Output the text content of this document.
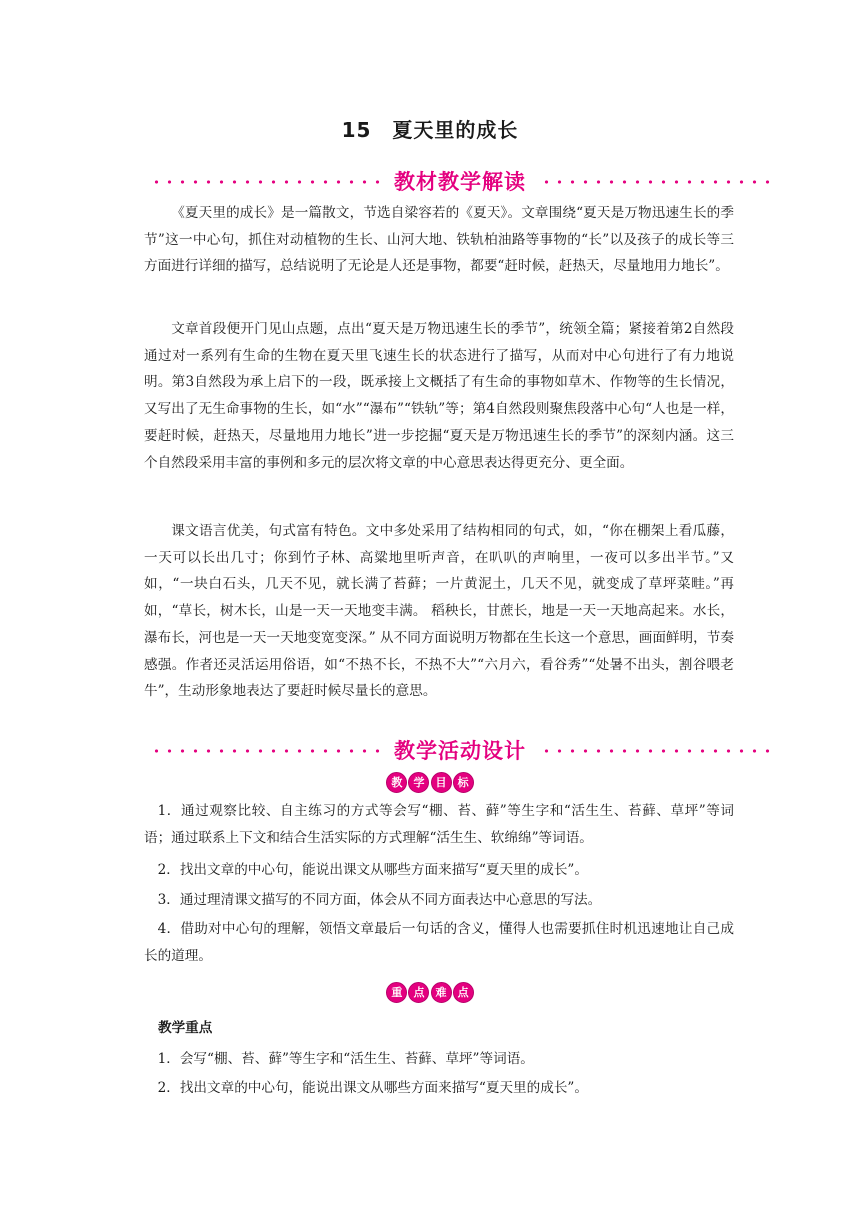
15　夏天里的成长
教材教学解读

《夏天里的成长》是一篇散文，节选自梁容若的《夏天》。文章围绕“夏天是万物迅速生长的季节”这一中心句，抓住对动植物的生长、山河大地、铁轨柏油路等事物的“长”以及孩子的成长等三方面进行详细的描写，总结说明了无论是人还是事物，都要“赶时候，赶热天，尽量地用力地长”。

文章首段便开门见山点题，点出“夏天是万物迅速生长的季节”，统领全篇；紧接着第2自然段通过对一系列有生命的生物在夏天里飞速生长的状态进行了描写，从而对中心句进行了有力地说明。第3自然段为承上启下的一段，既承接上文概括了有生命的事物如草木、作物等的生长情况，又写出了无生命事物的生长，如“水”“瀑布”“铁轨”等；第4自然段则聚焦段落中心句“人也是一样，要赶时候，赶热天，尽量地用力地长”进一步挖掘“夏天是万物迅速生长的季节”的深刻内涵。这三个自然段采用丰富的事例和多元的层次将文章的中心意思表达得更充分、更全面。

课文语言优美，句式富有特色。文中多处采用了结构相同的句式，如，“你在棚架上看瓜藤，一天可以长出几寸；你到竹子林、高粱地里听声音，在叭叭的声响里，一夜可以多出半节。”又如，“一块白石头，几天不见，就长满了苔藓；一片黄泥土，几天不见，就变成了草坪菜畦。”再如，“草长，树木长，山是一天一天地变丰满。 稻秧长，甘蔗长，地是一天一天地高起来。水长，瀑布长，河也是一天一天地变宽变深。” 从不同方面说明万物都在生长这一个意思，画面鲜明，节奏感强。作者还灵活运用俗语，如“不热不长，不热不大”“六月六，看谷秀”“处暑不出头，割谷喂老牛”，生动形象地表达了要赶时候尽量长的意思。

教学活动设计
教 学 目 标

1．通过观察比较、自主练习的方式等会写“棚、苔、藓”等生字和“活生生、苔藓、草坪”等词语；通过联系上下文和结合生活实际的方式理解“活生生、软绵绵”等词语。

2．找出文章的中心句，能说出课文从哪些方面来描写“夏天里的成长”。

3．通过理清课文描写的不同方面，体会从不同方面表达中心意思的写法。

4．借助对中心句的理解，领悟文章最后一句话的含义，懂得人也需要抓住时机迅速地让自己成长的道理。

重 点 难 点
教学重点

1．会写“棚、苔、藓”等生字和“活生生、苔藓、草坪”等词语。

2．找出文章的中心句，能说出课文从哪些方面来描写“夏天里的成长”。
